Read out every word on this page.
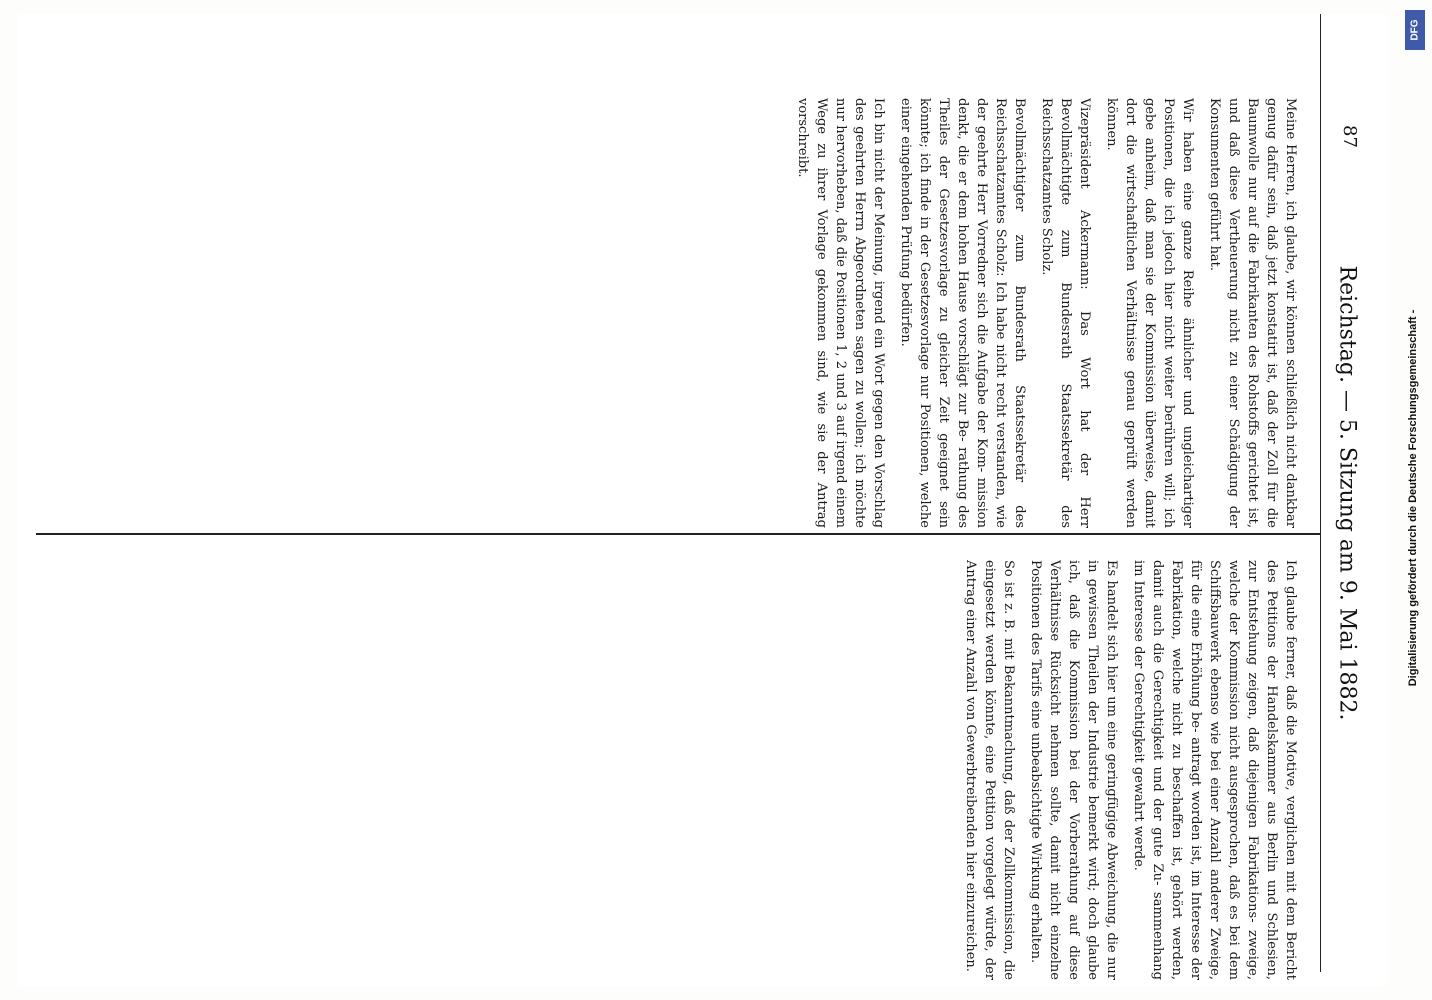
Reichstag. — 5. Sitzung am 9. Mai 1882.
87

Meine Herren, ich glaube, wir können schließlich nicht dankbar genug dafür sein, daß jetzt konstatirt ist, daß der Zoll für die Baumwolle nur auf die Fabrikanten des Rohstoffs gerichtet ist, und daß diese Vertheuerung nicht zu einer Schädigung der Konsumenten geführt hat.

Wir haben eine ganze Reihe ähnlicher und ungleichartiger Positionen, die ich jedoch hier nicht weiter berühren will; ich gebe anheim, daß man sie der Kommission überweise, damit dort die wirtschaftlichen Verhältnisse genau geprüft werden können.

Vizepräsident Ackermann: Das Wort hat der Herr Bevollmächtigte zum Bundesrath Staatssekretär des Reichsschatzamtes Scholz.

Bevollmächtigter zum Bundesrath Staatssekretär des Reichsschatzamtes Scholz: Ich habe nicht recht verstanden, wie der geehrte Herr Vorredner sich die Aufgabe der Kom- mission denkt, die er dem hohen Hause vorschlägt zur Be- rathung des Theiles der Gesetzesvorlage zu gleicher Zeit geeignet sein könnte; ich finde in der Gesetzesvorlage nur Positionen, welche einer eingehenden Prüfung bedürfen.

Ich bin nicht der Meinung, irgend ein Wort gegen den Vorschlag des geehrten Herrn Abgeordneten sagen zu wollen; ich möchte nur hervorheben, daß die Positionen 1, 2 und 3 auf irgend einem Wege zu ihrer Vorlage gekommen sind, wie sie der Antrag vorschreibt.

Ich glaube ferner, daß die Motive, verglichen mit dem Bericht des Petitions der Handelskammer aus Berlin und Schlesien, zur Entstehung zeigen, daß diejenigen Fabrikations- zweige, welche der Kommission nicht ausgesprochen, daß es bei dem Schiffsbauwerk ebenso wie bei einer Anzahl anderer Zweige, für die eine Erhöhung be- antragt worden ist, im Interesse der Fabrikation, welche nicht zu beschaffen ist, gehört werden, damit auch die Gerechtigkeit und der gute Zu- sammenhang im Interesse der Gerechtigkeit gewahrt werde.

Es handelt sich hier um eine geringfügige Abweichung, die nur in gewissen Theilen der Industrie bemerkt wird; doch glaube ich, daß die Kommission bei der Vorberathung auf diese Verhältnisse Rücksicht nehmen sollte, damit nicht einzelne Positionen des Tarifs eine unbeabsichtigte Wirkung erhalten.

So ist z. B. mit Bekanntmachung, daß der Zollkommission, die eingesetzt werden könnte, eine Petition vorgelegt würde, der Antrag einer Anzahl von Gewerbtreibenden hier einzureichen.

Digitalisierung gefördert durch die Deutsche Forschungsgemeinschaft -
DFG
